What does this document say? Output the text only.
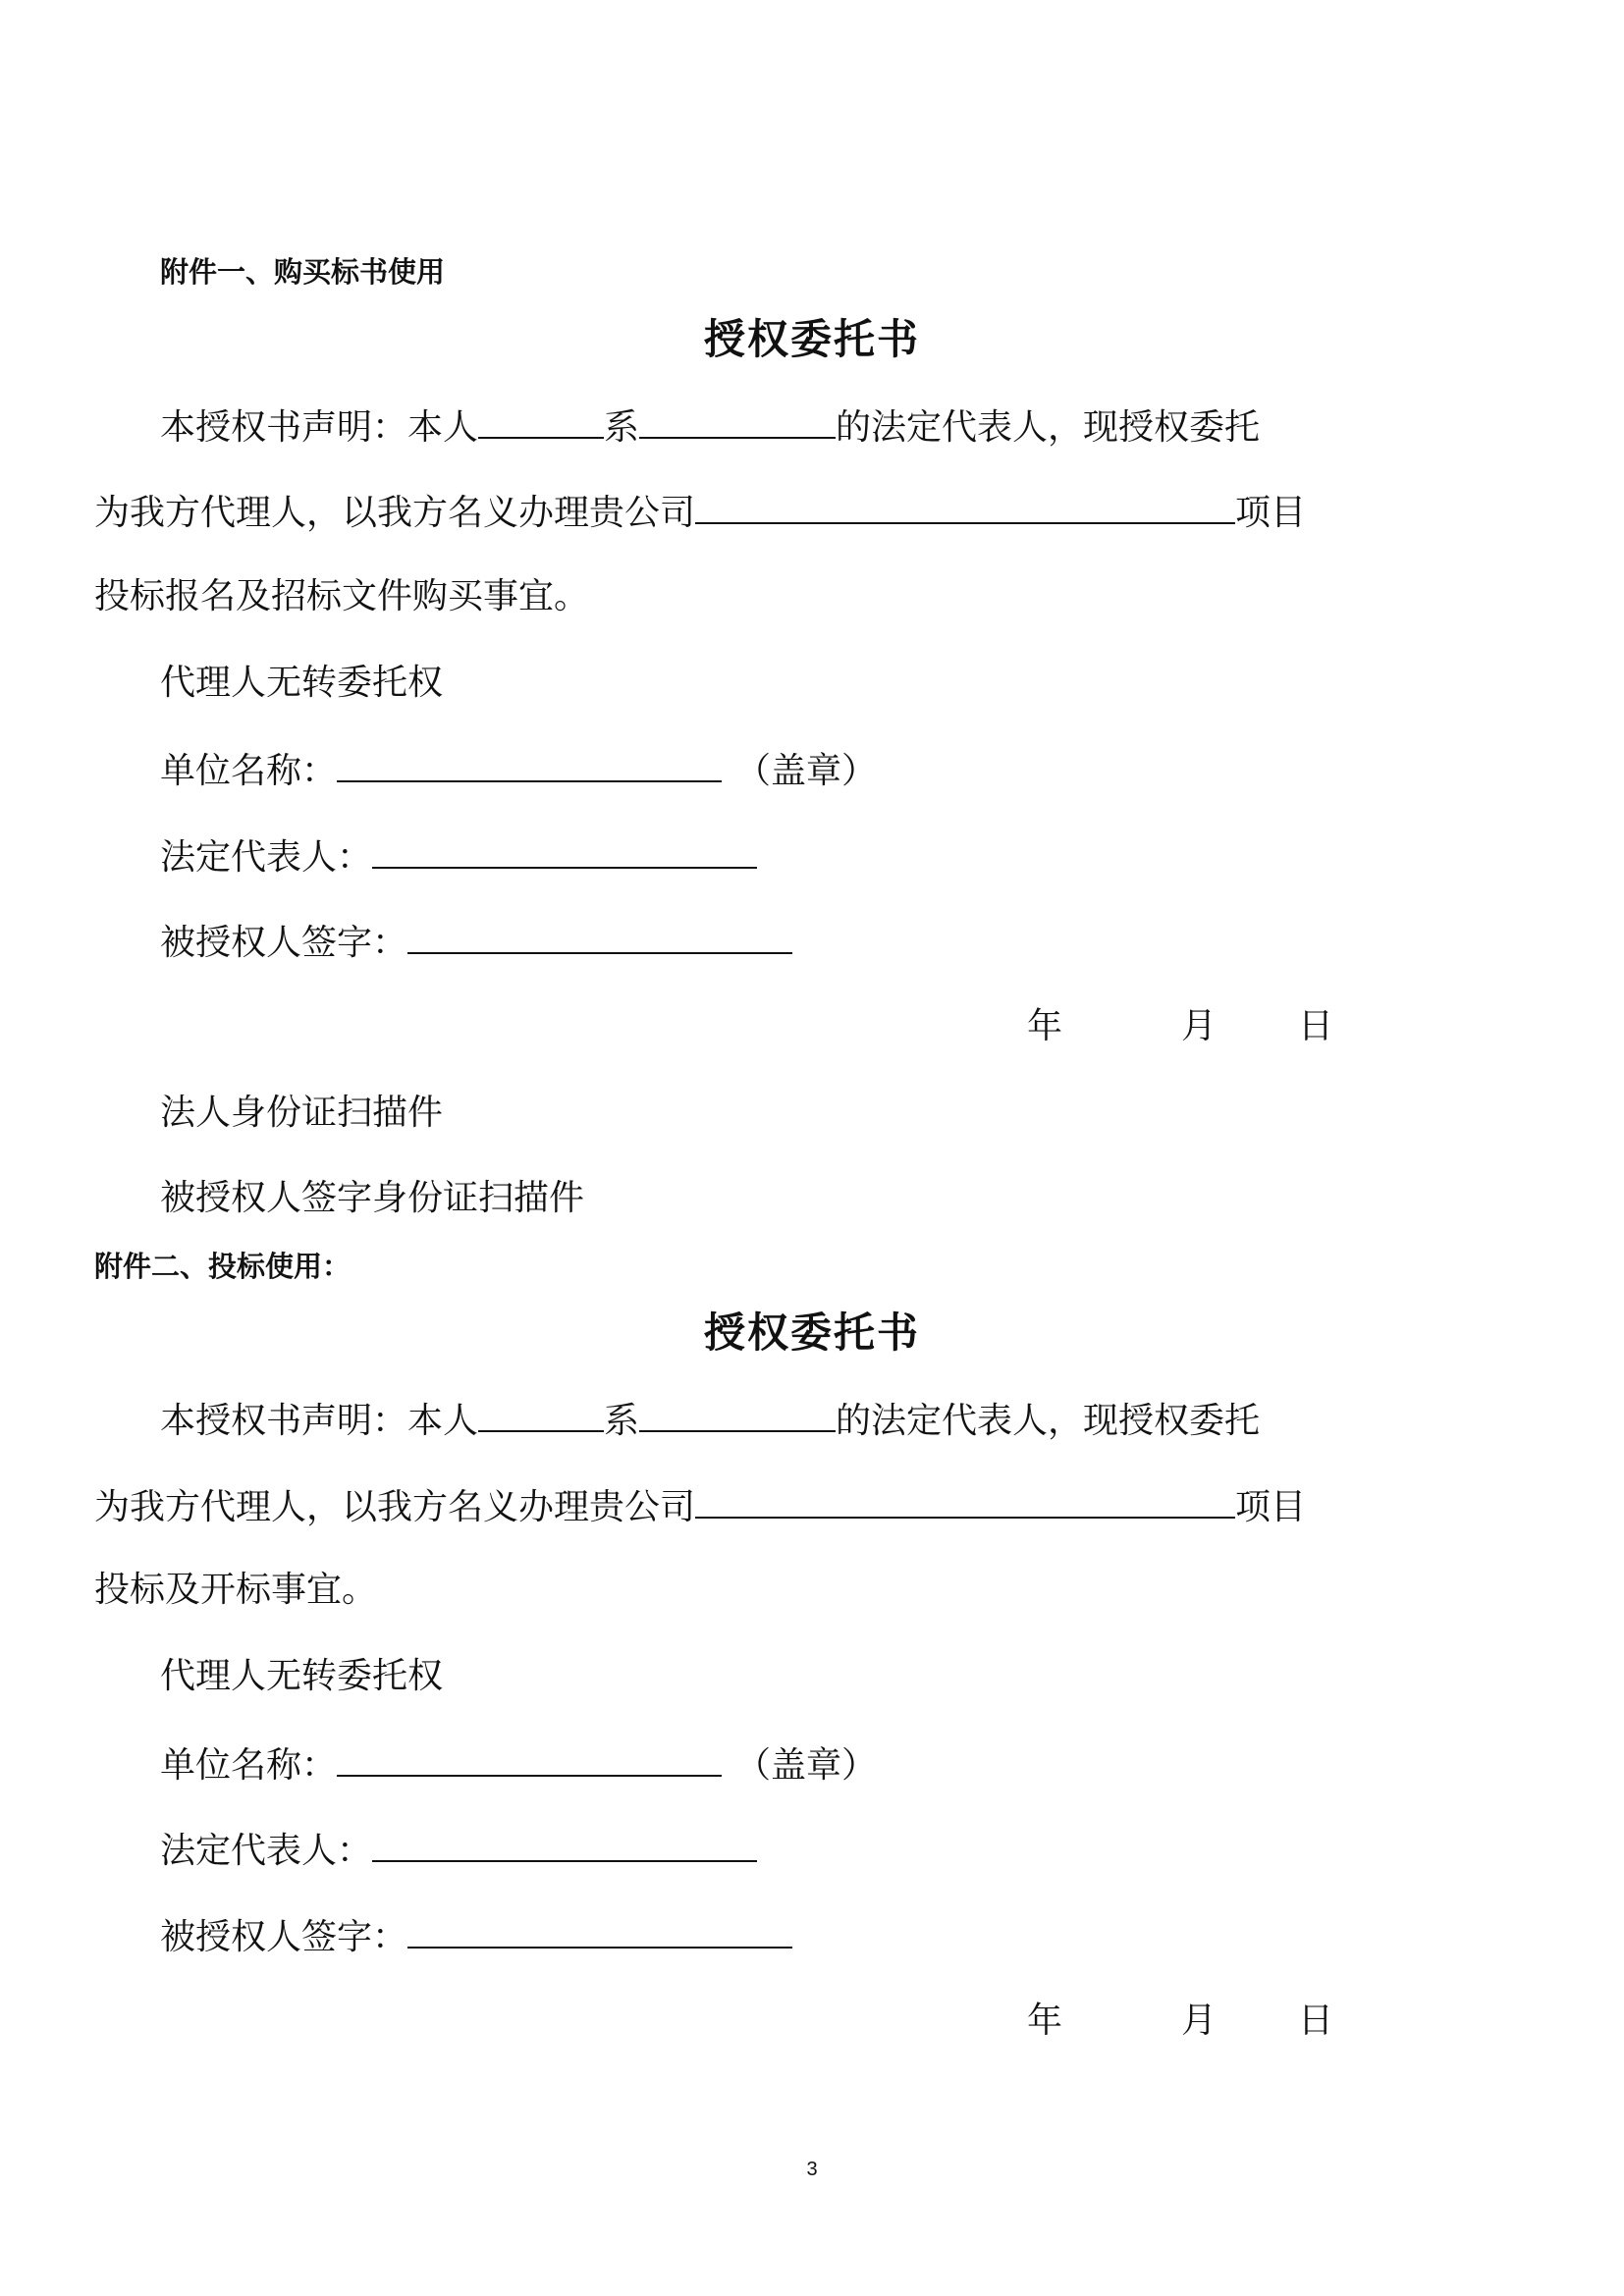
附件一、购买标书使用
授权委托书
本授权书声明：本人	系	的法定代表人，现授权委托
为我方代理人，以我方名义办理贵公司	项目
投标报名及招标文件购买事宜。
代理人无转委托权
单位名称：	（盖章）
法定代表人：
被授权人签字：
年	月 日
法人身份证扫描件
被授权人签字身份证扫描件
附件二、投标使用：
授权委托书
本授权书声明：本人	系	的法定代表人，现授权委托
为我方代理人，以我方名义办理贵公司	项目
投标及开标事宜。
代理人无转委托权
单位名称：	（盖章）
法定代表人：
被授权人签字：
年	月 日
3
